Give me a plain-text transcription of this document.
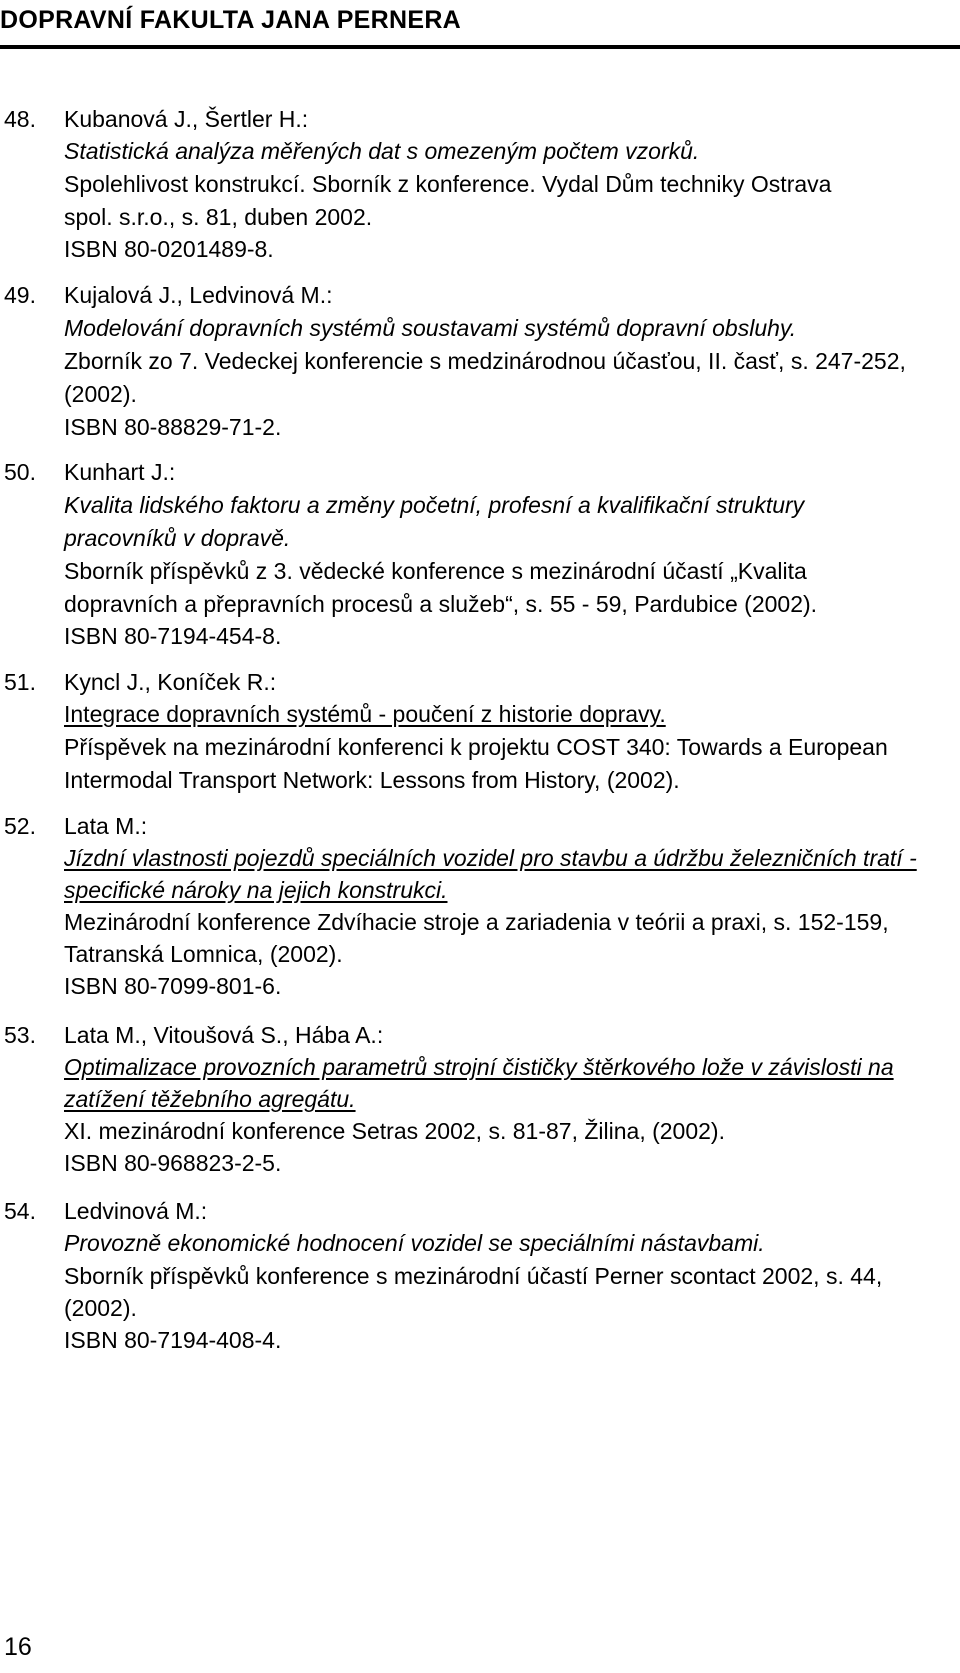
DOPRAVNÍ FAKULTA JANA PERNERA
48. Kubanová J., Šertler H.:
Statistická analýza měřených dat s omezeným počtem vzorků.
Spolehlivost konstrukcí. Sborník z konference. Vydal Dům techniky Ostrava
spol. s.r.o., s. 81, duben 2002.
ISBN 80-0201489-8.
49. Kujalová J., Ledvinová M.:
Modelování dopravních systémů soustavami systémů dopravní obsluhy.
Zborník zo 7. Vedeckej konferencie s medzinárodnou účasťou, II. časť, s. 247-252,
(2002).
ISBN 80-88829-71-2.
50. Kunhart J.:
Kvalita lidského faktoru a změny početní, profesní a kvalifikační struktury
pracovníků v dopravě.
Sborník příspěvků z 3. vědecké konference s mezinárodní účastí „Kvalita
dopravních a přepravních procesů a služeb“, s. 55 - 59, Pardubice (2002).
ISBN 80-7194-454-8.
51. Kyncl J., Koníček R.:
Integrace dopravních systémů - poučení z historie dopravy.
Příspěvek na mezinárodní konferenci k projektu COST 340: Towards a European
Intermodal Transport Network: Lessons from History, (2002).
52. Lata M.:
Jízdní vlastnosti pojezdů speciálních vozidel pro stavbu a údržbu železničních tratí -
specifické nároky na jejich konstrukci.
Mezinárodní konference Zdvíhacie stroje a zariadenia v teórii a praxi, s. 152-159,
Tatranská Lomnica, (2002).
ISBN 80-7099-801-6.
53. Lata M., Vitoušová S., Hába A.:
Optimalizace provozních parametrů strojní čističky štěrkového lože v závislosti na
zatížení těžebního agregátu.
XI. mezinárodní konference Setras 2002, s. 81-87, Žilina, (2002).
ISBN 80-968823-2-5.
54. Ledvinová M.:
Provozně ekonomické hodnocení vozidel se speciálními nástavbami.
Sborník příspěvků konference s mezinárodní účastí Perner scontact 2002, s. 44,
(2002).
ISBN 80-7194-408-4.
16
